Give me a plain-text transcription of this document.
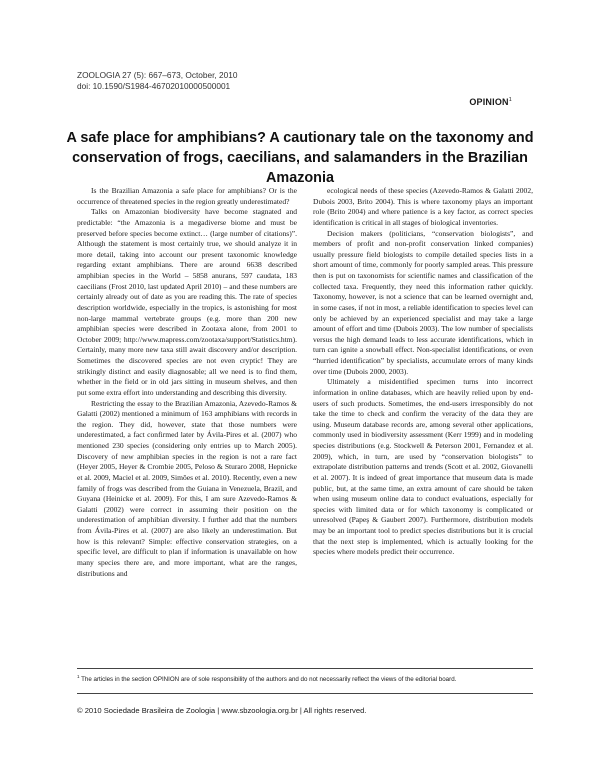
ZOOLOGIA 27 (5): 667–673, October, 2010
doi: 10.1590/S1984-46702010000500001
OPINION$^1$
A safe place for amphibians? A cautionary tale on the taxonomy and
conservation of frogs, caecilians, and salamanders in the Brazilian Amazonia

Is the Brazilian Amazonia a safe place for amphibians? Or is the occurrence of threatened species in the region greatly underestimated?

Talks on Amazonian biodiversity have become stagnated and predictable: “the Amazonia is a megadiverse biome and must be preserved before species become extinct… (large number of citations)”. Although the statement is most certainly true, we should analyze it in more detail, taking into account our present taxonomic knowledge regarding extant amphibians. There are around 6638 described amphibian species in the World – 5858 anurans, 597 caudata, 183 caecilians (Frost 2010, last updated April 2010) – and these numbers are certainly already out of date as you are reading this. The rate of species description worldwide, especially in the tropics, is astonishing for most non-large mammal vertebrate groups (e.g. more than 200 new amphibian species were described in Zootaxa alone, from 2001 to October 2009; http://www.mapress.com/zootaxa/support/Statistics.htm). Certainly, many more new taxa still await discovery and/or description. Sometimes the discovered species are not even cryptic! They are strikingly distinct and easily diagnosable; all we need is to find them, whether in the field or in old jars sitting in museum shelves, and then put some extra effort into understanding and describing this diversity.

Restricting the essay to the Brazilian Amazonia, Azevedo-Ramos & Galatti (2002) mentioned a minimum of 163 amphibians with records in the region. They did, however, state that those numbers were underestimated, a fact confirmed later by Ávila-Pires et al. (2007) who mentioned 230 species (considering only entries up to March 2005). Discovery of new amphibian species in the region is not a rare fact (Heyer 2005, Heyer & Crombie 2005, Peloso & Sturaro 2008, Hepnicke et al. 2009, Maciel et al. 2009, Simões et al. 2010). Recently, even a new family of frogs was described from the Guiana in Venezuela, Brazil, and Guyana (Heinicke et al. 2009). For this, I am sure Azevedo-Ramos & Galatti (2002) were correct in assuming their position on the underestimation of amphibian diversity. I further add that the numbers from Ávila-Pires et al. (2007) are also likely an underestimation. But how is this relevant? Simple: effective conservation strategies, on a specific level, are difficult to plan if information is unavailable on how many species there are, and more important, what are the ranges, distributions and

ecological needs of these species (Azevedo-Ramos & Galatti 2002, Dubois 2003, Brito 2004). This is where taxonomy plays an important role (Brito 2004) and where patience is a key factor, as correct species identification is critical in all stages of biological inventories.

Decision makers (politicians, “conservation biologists”, and members of profit and non-profit conservation linked companies) usually pressure field biologists to compile detailed species lists in a short amount of time, commonly for poorly sampled areas. This pressure then is put on taxonomists for scientific names and classification of the collected taxa. Frequently, they need this information rather quickly. Taxonomy, however, is not a science that can be learned overnight and, in some cases, if not in most, a reliable identification to species level can only be achieved by an experienced specialist and may take a large amount of effort and time (Dubois 2003). The low number of specialists versus the high demand leads to less accurate identifications, which in turn can ignite a snowball effect. Non-specialist identifications, or even “hurried identification” by specialists, accumulate errors of many kinds over time (Dubois 2000, 2003).

Ultimately a misidentified specimen turns into incorrect information in online databases, which are heavily relied upon by end-users of such products. Sometimes, the end-users irresponsibly do not take the time to check and confirm the veracity of the data they are using. Museum database records are, among several other applications, commonly used in biodiversity assessment (Kerr 1999) and in modeling species distributions (e.g. Stockwell & Peterson 2001, Fernandez et al. 2009), which, in turn, are used by “conservation biologists” to extrapolate distribution patterns and trends (Scott et al. 2002, Giovanelli et al. 2007). It is indeed of great importance that museum data is made public, but, at the same time, an extra amount of care should be taken when using museum online data to conduct evaluations, especially for species with limited data or for which taxonomy is complicated or unresolved (Papeş & Gaubert 2007). Furthermore, distribution models may be an important tool to predict species distributions but it is crucial that the next step is implemented, which is actually looking for the species where models predict their occurrence.

$^1$ The articles in the section OPINION are of sole responsibility of the authors and do not necessarily reflect the views of the editorial board.
© 2010 Sociedade Brasileira de Zoologia | www.sbzoologia.org.br | All rights reserved.
